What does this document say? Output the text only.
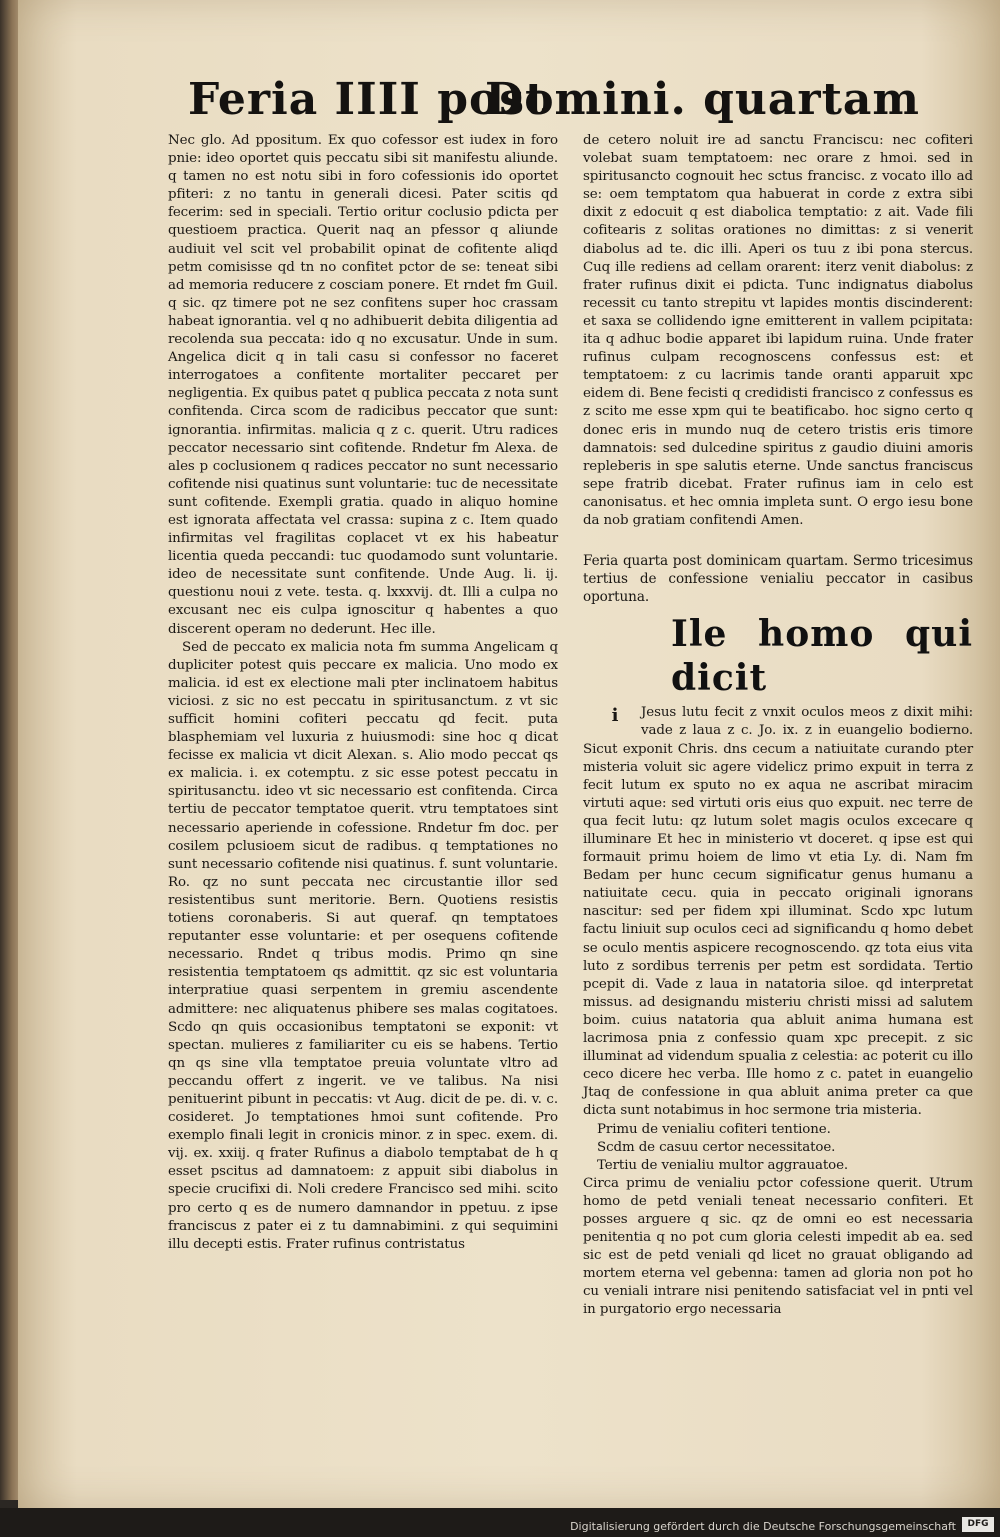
Feria IIII post
Domini. quartam

Nec glo. Ad ppositum. Ex quo cofessor est iudex in foro pnie: ideo oportet quis peccatu sibi sit manifestu aliunde. q tamen no est notu sibi in foro cofessionis ido oportet pfiteri: z no tantu in generali dicesi. Pater scitis qd fecerim: sed in speciali. Tertio oritur coclusio pdicta per questioem practica. Querit naq an pfessor q aliunde audiuit vel scit vel probabilit opinat de cofitente aliqd petm comisisse qd tn no confitet pctor de se: teneat sibi ad memoria reducere z cosciam ponere. Et rndet fm Guil. q sic. qz timere pot ne sez confitens super hoc crassam habeat ignorantia. vel q no adhibuerit debita diligentia ad recolenda sua peccata: ido q no excusatur. Unde in sum. Angelica dicit q in tali casu si confessor no faceret interrogatoes a confitente mortaliter peccaret per negligentia. Ex quibus patet q publica peccata z nota sunt confitenda. Circa scom de radicibus peccator que sunt: ignorantia. infirmitas. malicia q z c. querit. Utru radices peccator necessario sint cofitende. Rndetur fm Alexa. de ales p coclusionem q radices peccator no sunt necessario cofitende nisi quatinus sunt voluntarie: tuc de necessitate sunt cofitende. Exempli gratia. quado in aliquo homine est ignorata affectata vel crassa: supina z c. Item quado infirmitas vel fragilitas coplacet vt ex his habeatur licentia queda peccandi: tuc quodamodo sunt voluntarie. ideo de necessitate sunt confitende. Unde Aug. li. ij. questionu noui z vete. testa. q. lxxxvij. dt. Illi a culpa no excusant nec eis culpa ignoscitur q habentes a quo discerent operam no dederunt. Hec ille.

Sed de peccato ex malicia nota fm summa Angelicam q dupliciter potest quis peccare ex malicia. Uno modo ex malicia. id est ex electione mali pter inclinatoem habitus viciosi. z sic no est peccatu in spiritusanctum. z vt sic sufficit homini cofiteri peccatu qd fecit. puta blasphemiam vel luxuria z huiusmodi: sine hoc q dicat fecisse ex malicia vt dicit Alexan. s. Alio modo peccat qs ex malicia. i. ex cotemptu. z sic esse potest peccatu in spiritusanctu. ideo vt sic necessario est confitenda. Circa tertiu de peccator temptatoe querit. vtru temptatoes sint necessario aperiende in cofessione. Rndetur fm doc. per cosilem pclusioem sicut de radibus. q temptationes no sunt necessario cofitende nisi quatinus. f. sunt voluntarie. Ro. qz no sunt peccata nec circustantie illor sed resistentibus sunt meritorie. Bern. Quotiens resistis totiens coronaberis. Si aut queraf. qn temptatoes reputanter esse voluntarie: et per osequens cofitende necessario. Rndet q tribus modis. Primo qn sine resistentia temptatoem qs admittit. qz sic est voluntaria interpratiue quasi serpentem in gremiu ascendente admittere: nec aliquatenus phibere ses malas cogitatoes. Scdo qn quis occasionibus temptatoni se exponit: vt spectan. mulieres z familiariter cu eis se habens. Tertio qn qs sine vlla temptatoe preuia voluntate vltro ad peccandu offert z ingerit. ve ve talibus. Na nisi penituerint pibunt in peccatis: vt Aug. dicit de pe. di. v. c. cosideret. Jo temptationes hmoi sunt cofitende. Pro exemplo finali legit in cronicis minor. z in spec. exem. di. vij. ex. xxiij. q frater Rufinus a diabolo temptabat de h q esset pscitus ad damnatoem: z appuit sibi diabolus in specie crucifixi di. Noli credere Francisco sed mihi. scito pro certo q es de numero damnandor in ppetuu. z ipse franciscus z pater ei z tu damnabimini. z qui sequimini illu decepti estis. Frater rufinus contristatus

de cetero noluit ire ad sanctu Franciscu: nec cofiteri volebat suam temptatoem: nec orare z hmoi. sed in spiritusancto cognouit hec sctus francisc. z vocato illo ad se: oem temptatom qua habuerat in corde z extra sibi dixit z edocuit q est diabolica temptatio: z ait. Vade fili cofitearis z solitas orationes no dimittas: z si venerit diabolus ad te. dic illi. Aperi os tuu z ibi pona stercus. Cuq ille rediens ad cellam orarent: iterz venit diabolus: z frater rufinus dixit ei pdicta. Tunc indignatus diabolus recessit cu tanto strepitu vt lapides montis discinderent: et saxa se collidendo igne emitterent in vallem pcipitata: ita q adhuc bodie apparet ibi lapidum ruina. Unde frater rufinus culpam recognoscens confessus est: et temptatoem: z cu lacrimis tande oranti apparuit xpc eidem di. Bene fecisti q credidisti francisco z confessus es z scito me esse xpm qui te beatificabo. hoc signo certo q donec eris in mundo nuq de cetero tristis eris timore damnatois: sed dulcedine spiritus z gaudio diuini amoris repleberis in spe salutis eterne. Unde sanctus franciscus sepe fratrib dicebat. Frater rufinus iam in celo est canonisatus. et hec omnia impleta sunt. O ergo iesu bone da nob gratiam confitendi Amen.

Feria quarta post dominicam quartam. Sermo tricesimus tertius de confessione venialiu peccator in casibus oportuna.

Ile homo qui dicit

i	Jesus lutu fecit z vnxit oculos meos z dixit mihi: vade z laua z c. Jo. ix. z in euangelio bodierno. Sicut exponit Chris. dns cecum a natiuitate curando pter misteria voluit sic agere videlicz primo expuit in terra z fecit lutum ex sputo no ex aqua ne ascribat miracim virtuti aque: sed virtuti oris eius quo expuit. nec terre de qua fecit lutu: qz lutum solet magis oculos excecare q illuminare Et hec in ministerio vt doceret. q ipse est qui formauit primu hoiem de limo vt etia Ly. di. Nam fm Bedam per hunc cecum significatur genus humanu a natiuitate cecu. quia in peccato originali ignorans nascitur: sed per fidem xpi illuminat. Scdo xpc lutum factu liniuit sup oculos ceci ad significandu q homo debet se oculo mentis aspicere recognoscendo. qz tota eius vita luto z sordibus terrenis per petm est sordidata. Tertio pcepit di. Vade z laua in natatoria siloe. qd interpretat missus. ad designandu misteriu christi missi ad salutem boim. cuius natatoria qua abluit anima humana est lacrimosa pnia z confessio quam xpc precepit. z sic illuminat ad videndum spualia z celestia: ac poterit cu illo ceco dicere hec verba. Ille homo z c. patet in euangelio Jtaq de confessione in qua abluit anima preter ca que dicta sunt notabimus in hoc sermone tria misteria.

Primu de venialiu cofiteri tentione.

Scdm de casuu certor necessitatoe.

Tertiu de venialiu multor aggrauatoe.

Circa primu de venialiu pctor cofessione querit. Utrum homo de petd veniali teneat necessario confiteri. Et posses arguere q sic. qz de omni eo est necessaria penitentia q no pot cum gloria celesti impedit ab ea. sed sic est de petd veniali qd licet no grauat obligando ad mortem eterna vel gebenna: tamen ad gloria non pot ho cu veniali intrare nisi penitendo satisfaciat vel in pnti vel in purgatorio ergo necessaria

Digitalisierung gefördert durch die Deutsche Forschungsgemeinschaft	DFG
